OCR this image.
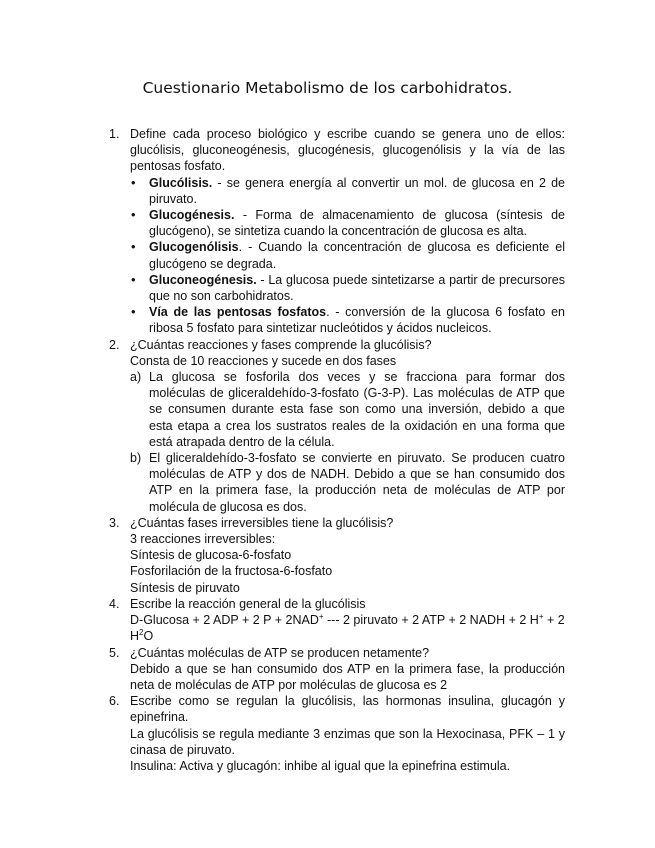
Cuestionario Metabolismo de los carbohidratos.
1. Define cada proceso biológico y escribe cuando se genera uno de ellos: glucólisis, gluconeogénesis, glucogénesis, glucogenólisis y la vía de las pentosas fosfato.
• Glucólisis. - se genera energía al convertir un mol. de glucosa en 2 de piruvato.
• Glucogénesis. - Forma de almacenamiento de glucosa (síntesis de glucógeno), se sintetiza cuando la concentración de glucosa es alta.
• Glucogenólisis. - Cuando la concentración de glucosa es deficiente el glucógeno se degrada.
• Gluconeogénesis. - La glucosa puede sintetizarse a partir de precursores que no son carbohidratos.
• Vía de las pentosas fosfatos. - conversión de la glucosa 6 fosfato en ribosa 5 fosfato para sintetizar nucleótidos y ácidos nucleicos.
2. ¿Cuántas reacciones y fases comprende la glucólisis?
Consta de 10 reacciones y sucede en dos fases
a) La glucosa se fosforila dos veces y se fracciona para formar dos moléculas de gliceraldehído-3-fosfato (G-3-P). Las moléculas de ATP que se consumen durante esta fase son como una inversión, debido a que esta etapa a crea los sustratos reales de la oxidación en una forma que está atrapada dentro de la célula.
b) El gliceraldehído-3-fosfato se convierte en piruvato. Se producen cuatro moléculas de ATP y dos de NADH. Debido a que se han consumido dos ATP en la primera fase, la producción neta de moléculas de ATP por molécula de glucosa es dos.
3. ¿Cuántas fases irreversibles tiene la glucólisis?
3 reacciones irreversibles:
Síntesis de glucosa-6-fosfato
Fosforilación de la fructosa-6-fosfato
Síntesis de piruvato
4. Escribe la reacción general de la glucólisis
D-Glucosa + 2 ADP + 2 P + 2NAD+ --- 2 piruvato + 2 ATP + 2 NADH + 2 H+ + 2 $H^2O$
5. ¿Cuántas moléculas de ATP se producen netamente?
Debido a que se han consumido dos ATP en la primera fase, la producción neta de moléculas de ATP por moléculas de glucosa es 2
6. Escribe como se regulan la glucólisis, las hormonas insulina, glucagón y epinefrina.
La glucólisis se regula mediante 3 enzimas que son la Hexocinasa, PFK – 1 y cinasa de piruvato.
Insulina: Activa y glucagón: inhibe al igual que la epinefrina estimula.
